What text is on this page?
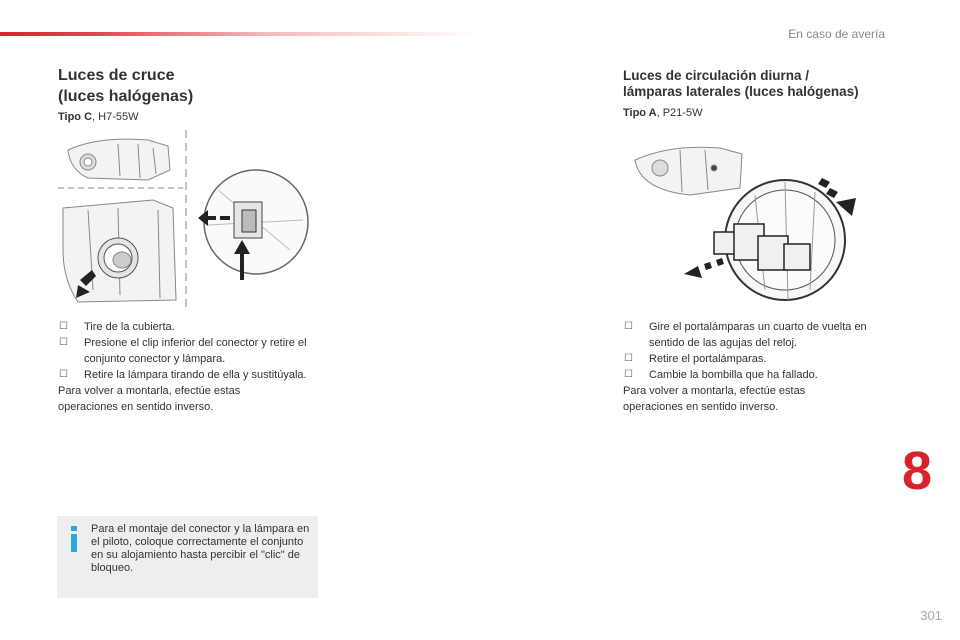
En caso de avería
Luces de cruce
(luces halógenas)
Tipo C, H7-55W
☐ Tire de la cubierta.
☐ Presione el clip inferior del conector y retire el conjunto conector y lámpara.
☐ Retire la lámpara tirando de ella y sustitúyala.
Para volver a montarla, efectúe estas operaciones en sentido inverso.
Para el montaje del conector y la lámpara en el piloto, coloque correctamente el conjunto en su alojamiento hasta percibir el "clic" de bloqueo.
Luces de circulación diurna /
lámparas laterales (luces halógenas)
Tipo A, P21-5W
☐ Gire el portalámparas un cuarto de vuelta en sentido de las agujas del reloj.
☐ Retire el portalámparas.
☐ Cambie la bombilla que ha fallado.
Para volver a montarla, efectúe estas operaciones en sentido inverso.
8
301
